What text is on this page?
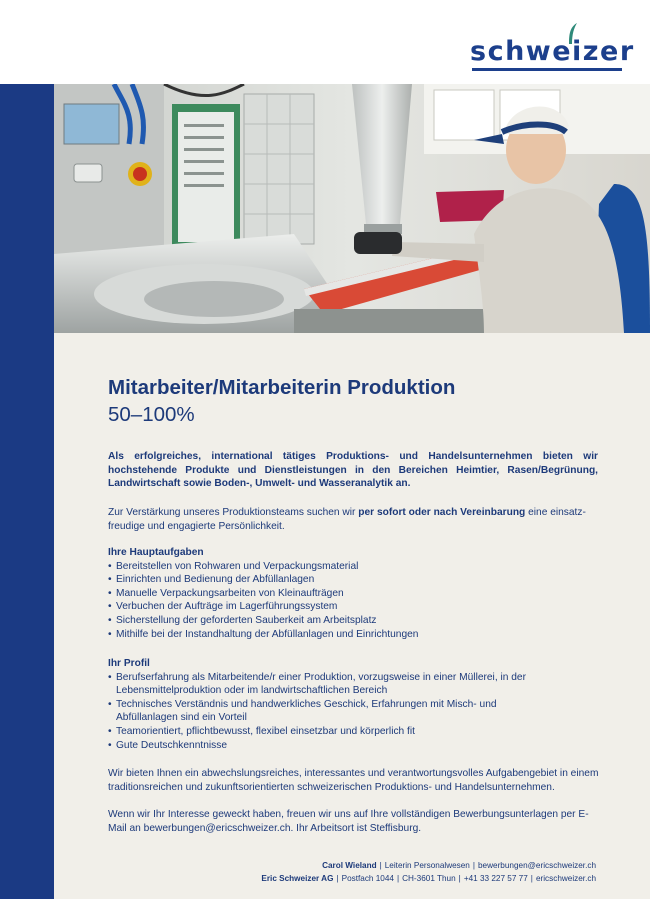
schweizer
Mitarbeiter/Mitarbeiterin Produktion
50–100%

Als erfolgreiches, international tätiges Produktions- und Handelsunternehmen bieten wir hochstehende Produkte und Dienstleistungen in den Bereichen Heimtier, Rasen/Begrünung, Landwirtschaft sowie Boden-, Umwelt- und Wasseranalytik an.

Zur Verstärkung unseres Produktionsteams suchen wir per sofort oder nach Vereinbarung eine einsatzfreudige und engagierte Persönlichkeit.

Ihre Hauptaufgaben
• Bereitstellen von Rohwaren und Verpackungsmaterial
• Einrichten und Bedienung der Abfüllanlagen
• Manuelle Verpackungsarbeiten von Kleinaufträgen
• Verbuchen der Aufträge im Lagerführungssystem
• Sicherstellung der geforderten Sauberkeit am Arbeitsplatz
• Mithilfe bei der Instandhaltung der Abfüllanlagen und Einrichtungen
Ihr Profil
• Berufserfahrung als Mitarbeitende/r einer Produktion, vorzugsweise in einer Müllerei, in der Lebensmittelproduktion oder im landwirtschaftlichen Bereich
• Technisches Verständnis und handwerkliches Geschick, Erfahrungen mit Misch- und Abfüllanlagen sind ein Vorteil
• Teamorientiert, pflichtbewusst, flexibel einsetzbar und körperlich fit
• Gute Deutschkenntnisse

Wir bieten Ihnen ein abwechslungsreiches, interessantes und verantwortungsvolles Aufgabengebiet in einem traditionsreichen und zukunftsorientierten schweizerischen Produktions- und Handelsunternehmen.

Wenn wir Ihr Interesse geweckt haben, freuen wir uns auf Ihre vollständigen Bewerbungsunterlagen per E-Mail an bewerbungen@ericschweizer.ch. Ihr Arbeitsort ist Steffisburg.

Carol Wieland | Leiterin Personalwesen | bewerbungen@ericschweizer.ch
Eric Schweizer AG | Postfach 1044 | CH-3601 Thun | +41 33 227 57 77 | ericschweizer.ch
